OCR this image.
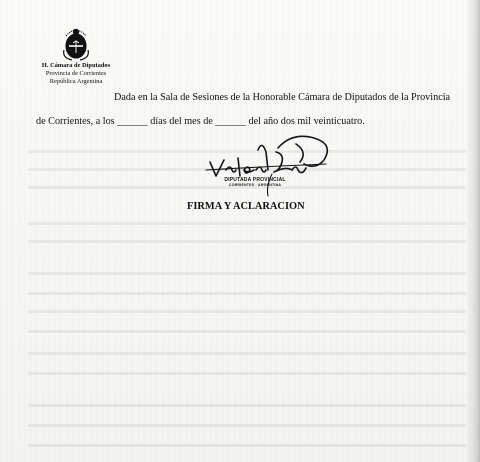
H. Cámara de Diputados
Provincia de Corrientes
República Argentina
Dada en la Sala de Sesiones de la Honorable Cámara de Diputados de la Provincia
de Corrientes, a los ______ días del mes de ______ del año dos mil veinticuatro.
DIPUTADA PROVINCIAL
CORRIENTES · ARGENTINA
FIRMA Y ACLARACION
